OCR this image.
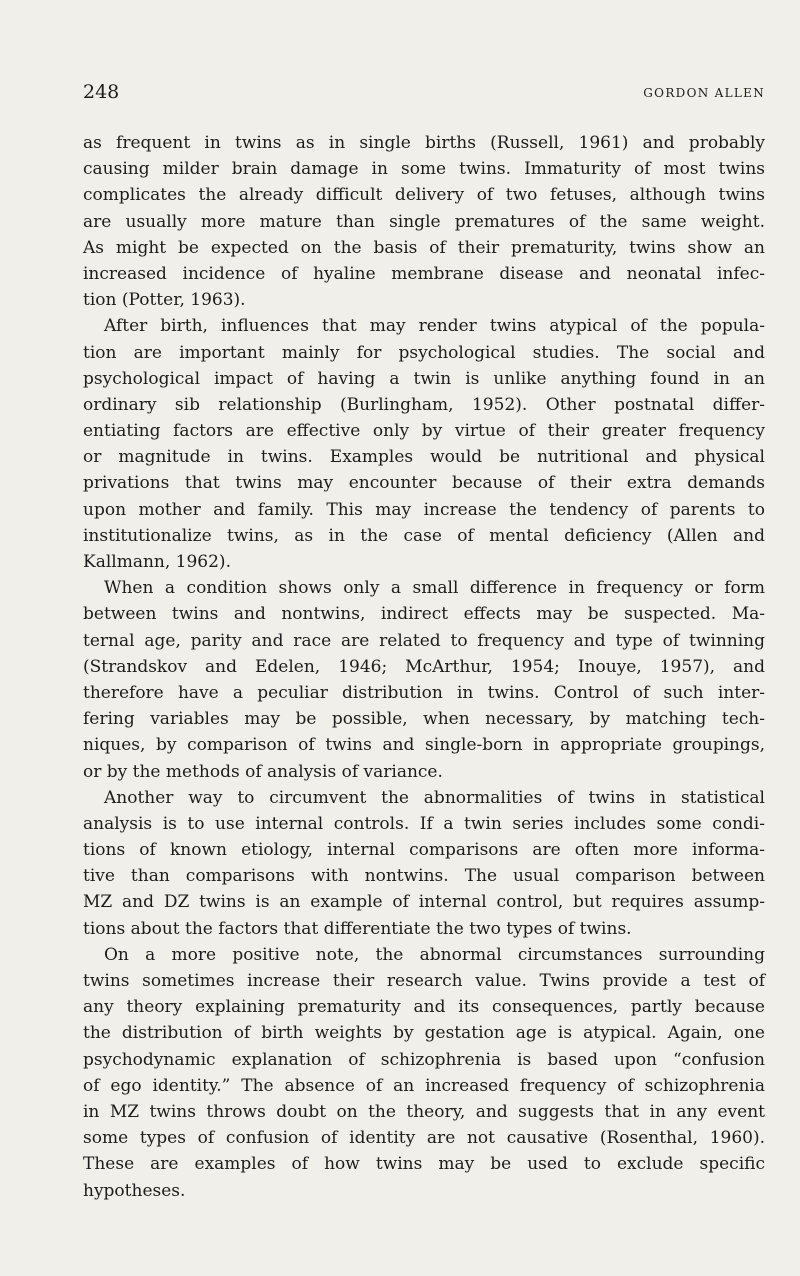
248	GORDON ALLEN
as frequent in twins as in single births (Russell, 1961) and probably
causing milder brain damage in some twins. Immaturity of most twins
complicates the already difficult delivery of two fetuses, although twins
are usually more mature than single prematures of the same weight.
As might be expected on the basis of their prematurity, twins show an
increased incidence of hyaline membrane disease and neonatal infec-
tion (Potter, 1963).
After birth, influences that may render twins atypical of the popula-
tion are important mainly for psychological studies. The social and
psychological impact of having a twin is unlike anything found in an
ordinary sib relationship (Burlingham, 1952). Other postnatal differ-
entiating factors are effective only by virtue of their greater frequency
or magnitude in twins. Examples would be nutritional and physical
privations that twins may encounter because of their extra demands
upon mother and family. This may increase the tendency of parents to
institutionalize twins, as in the case of mental deficiency (Allen and
Kallmann, 1962).
When a condition shows only a small difference in frequency or form
between twins and nontwins, indirect effects may be suspected. Ma-
ternal age, parity and race are related to frequency and type of twinning
(Strandskov and Edelen, 1946; McArthur, 1954; Inouye, 1957), and
therefore have a peculiar distribution in twins. Control of such inter-
fering variables may be possible, when necessary, by matching tech-
niques, by comparison of twins and single-born in appropriate groupings,
or by the methods of analysis of variance.
Another way to circumvent the abnormalities of twins in statistical
analysis is to use internal controls. If a twin series includes some condi-
tions of known etiology, internal comparisons are often more informa-
tive than comparisons with nontwins. The usual comparison between
MZ and DZ twins is an example of internal control, but requires assump-
tions about the factors that differentiate the two types of twins.
On a more positive note, the abnormal circumstances surrounding
twins sometimes increase their research value. Twins provide a test of
any theory explaining prematurity and its consequences, partly because
the distribution of birth weights by gestation age is atypical. Again, one
psychodynamic explanation of schizophrenia is based upon “confusion
of ego identity.” The absence of an increased frequency of schizophrenia
in MZ twins throws doubt on the theory, and suggests that in any event
some types of confusion of identity are not causative (Rosenthal, 1960).
These are examples of how twins may be used to exclude specific
hypotheses.
